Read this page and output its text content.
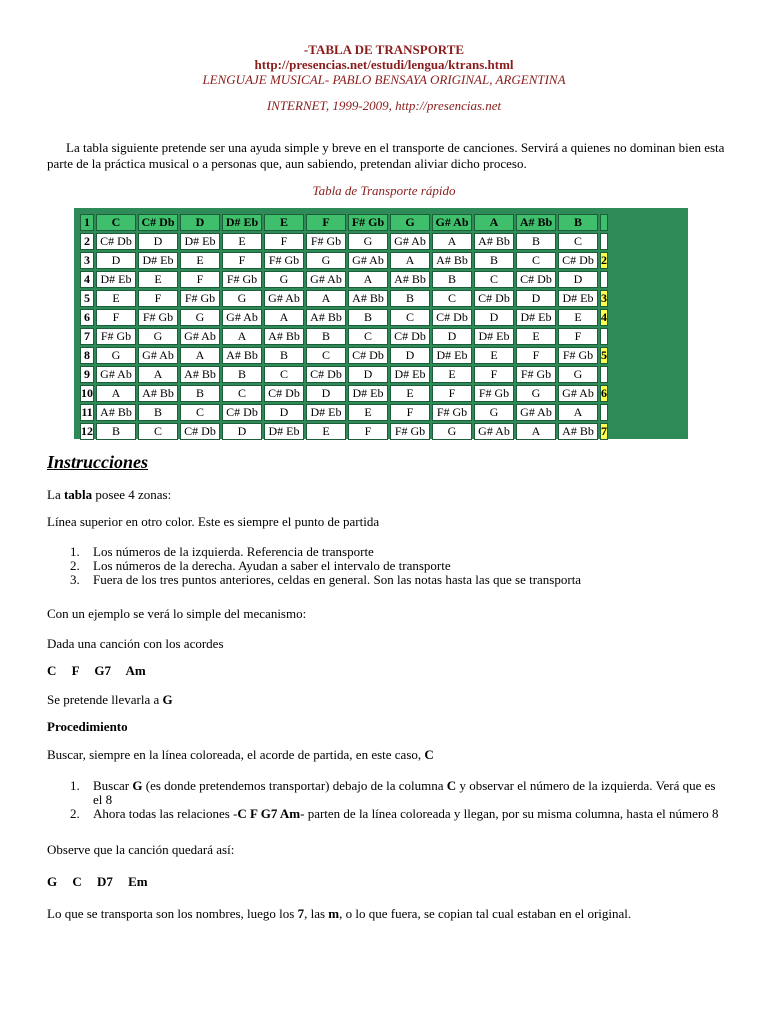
-TABLA DE TRANSPORTE
http://presencias.net/estudi/lengua/ktrans.html
LENGUAJE MUSICAL- PABLO BENSAYA ORIGINAL, ARGENTINA
INTERNET, 1999-2009, http://presencias.net
La tabla siguiente pretende ser una ayuda simple y breve en el transporte de canciones. Servirá a quienes no dominan bien esta parte de la práctica musical o a personas que, aun sabiendo, pretendan aliviar dicho proceso.
Tabla de Transporte rápido
1	C	C# Db	D	D# Eb	E	F	F# Gb	G	G# Ab	A	A# Bb	B	
2	C# Db	D	D# Eb	E	F	F# Gb	G	G# Ab	A	A# Bb	B	C	
3	D	D# Eb	E	F	F# Gb	G	G# Ab	A	A# Bb	B	C	C# Db	2
4	D# Eb	E	F	F# Gb	G	G# Ab	A	A# Bb	B	C	C# Db	D	
5	E	F	F# Gb	G	G# Ab	A	A# Bb	B	C	C# Db	D	D# Eb	3
6	F	F# Gb	G	G# Ab	A	A# Bb	B	C	C# Db	D	D# Eb	E	4
7	F# Gb	G	G# Ab	A	A# Bb	B	C	C# Db	D	D# Eb	E	F	
8	G	G# Ab	A	A# Bb	B	C	C# Db	D	D# Eb	E	F	F# Gb	5
9	G# Ab	A	A# Bb	B	C	C# Db	D	D# Eb	E	F	F# Gb	G	
10	A	A# Bb	B	C	C# Db	D	D# Eb	E	F	F# Gb	G	G# Ab	6
11	A# Bb	B	C	C# Db	D	D# Eb	E	F	F# Gb	G	G# Ab	A	
12	B	C	C# Db	D	D# Eb	E	F	F# Gb	G	G# Ab	A	A# Bb	7
Instrucciones
La tabla posee 4 zonas:
Línea superior en otro color. Este es siempre el punto de partida
1. Los números de la izquierda. Referencia de transporte
2. Los números de la derecha. Ayudan a saber el intervalo de transporte
3. Fuera de los tres puntos anteriores, celdas en general. Son las notas hasta las que se transporta
Con un ejemplo se verá lo simple del mecanismo:
Dada una canción con los acordes
C F G7 Am
Se pretende llevarla a G
Procedimiento
Buscar, siempre en la línea coloreada, el acorde de partida, en este caso, C
1. Buscar G (es donde pretendemos transportar) debajo de la columna C y observar el número de la izquierda. Verá que es el 8
2. Ahora todas las relaciones -C F G7 Am- parten de la línea coloreada y llegan, por su misma columna, hasta el número 8
Observe que la canción quedará así:
G C D7 Em
Lo que se transporta son los nombres, luego los 7, las m, o lo que fuera, se copian tal cual estaban en el original.
